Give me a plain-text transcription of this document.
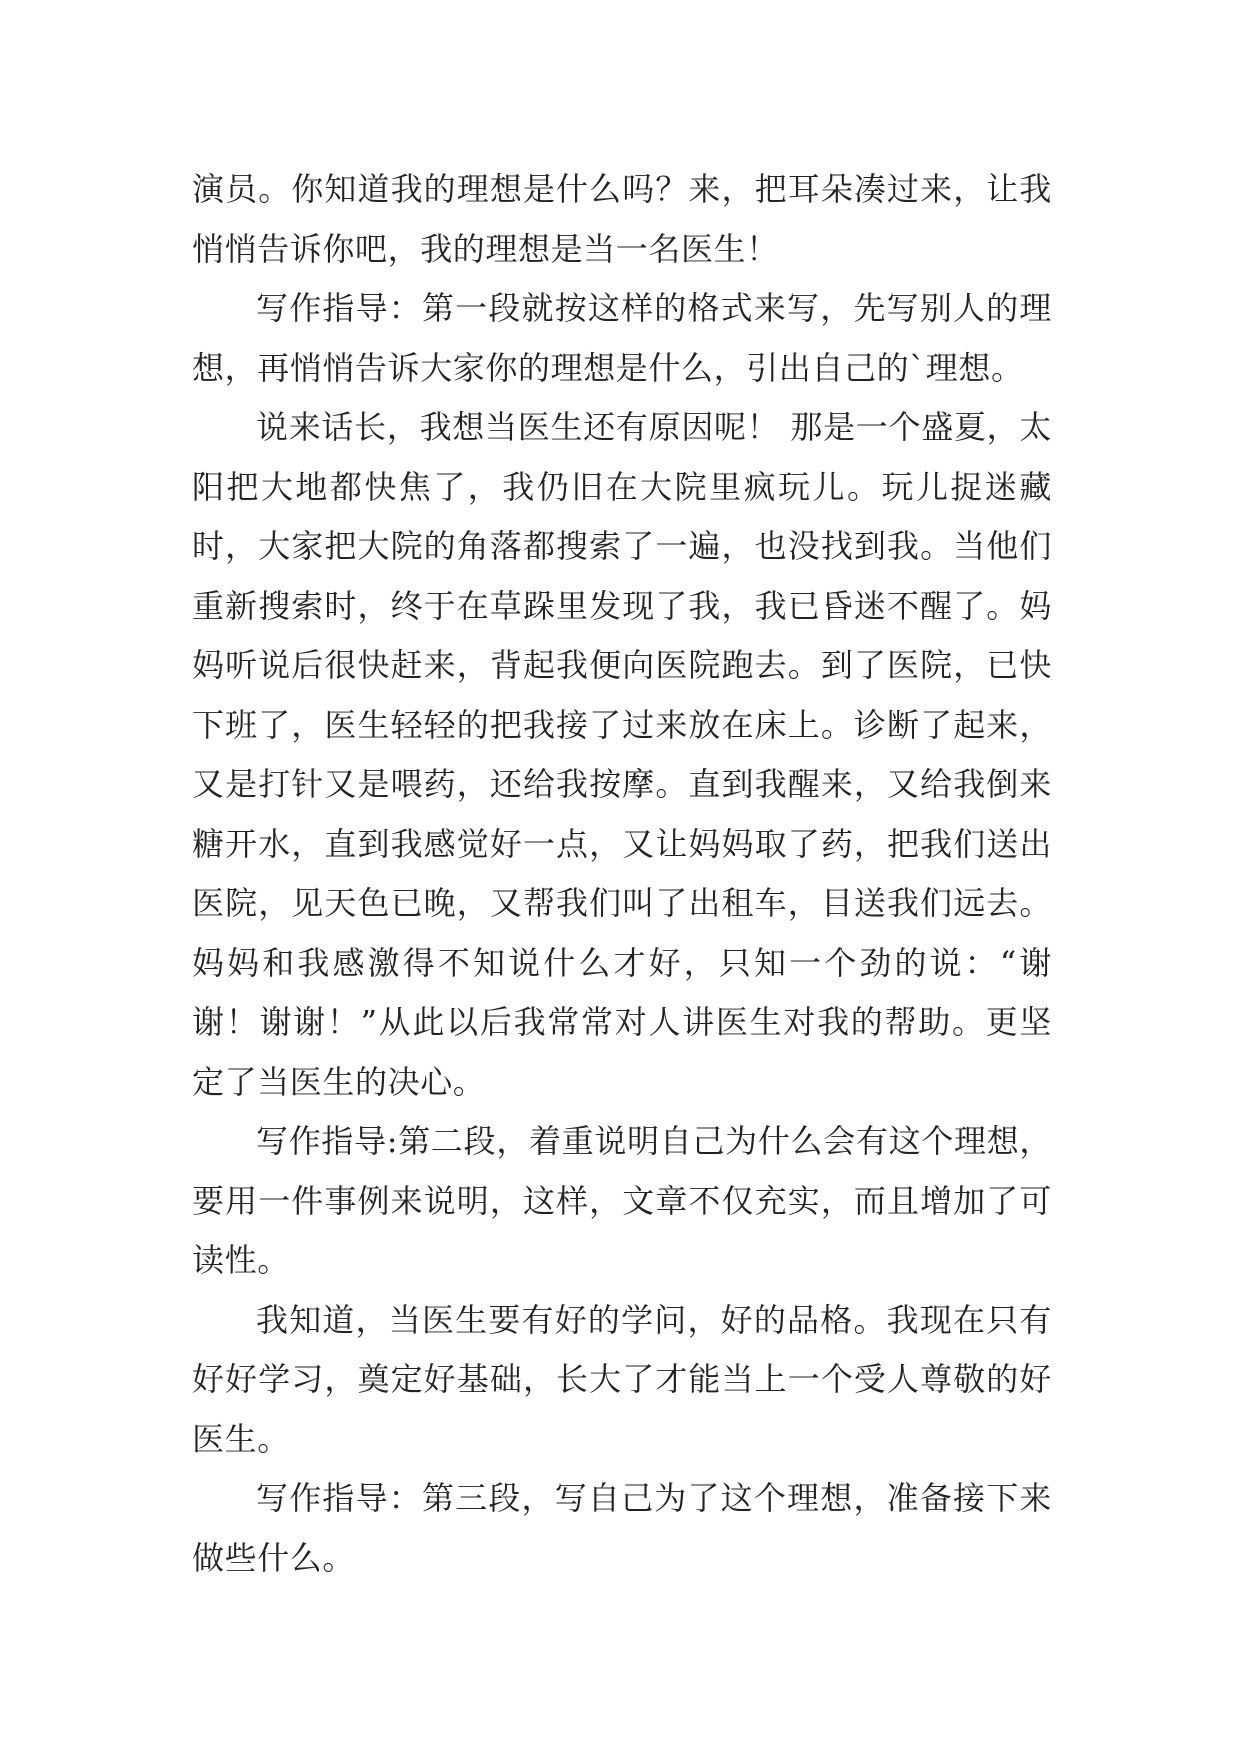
演员。你知道我的理想是什么吗？来，把耳朵凑过来，让我悄悄告诉你吧，我的理想是当一名医生！

写作指导：第一段就按这样的格式来写，先写别人的理想，再悄悄告诉大家你的理想是什么，引出自己的`理想。

说来话长，我想当医生还有原因呢！ 那是一个盛夏，太阳把大地都快焦了，我仍旧在大院里疯玩儿。玩儿捉迷藏时，大家把大院的角落都搜索了一遍，也没找到我。当他们重新搜索时，终于在草跺里发现了我，我已昏迷不醒了。妈妈听说后很快赶来，背起我便向医院跑去。到了医院，已快下班了，医生轻轻的把我接了过来放在床上。诊断了起来，又是打针又是喂药，还给我按摩。直到我醒来，又给我倒来糖开水，直到我感觉好一点，又让妈妈取了药，把我们送出医院，见天色已晚，又帮我们叫了出租车，目送我们远去。妈妈和我感激得不知说什么才好，只知一个劲的说：“谢谢！谢谢！”从此以后我常常对人讲医生对我的帮助。更坚定了当医生的决心。

写作指导:第二段，着重说明自己为什么会有这个理想，要用一件事例来说明，这样，文章不仅充实，而且增加了可读性。

我知道，当医生要有好的学问，好的品格。我现在只有好好学习，奠定好基础，长大了才能当上一个受人尊敬的好医生。

写作指导：第三段，写自己为了这个理想，准备接下来做些什么。
